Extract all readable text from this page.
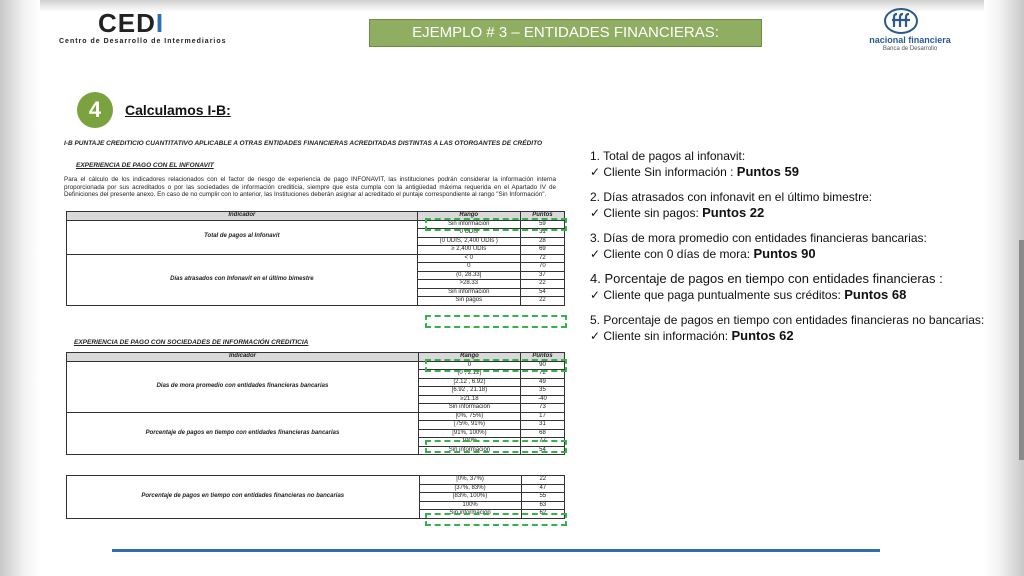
CEDI
Centro de Desarrollo de Intermediarios
EJEMPLO # 3 – ENTIDADES FINANCIERAS:	nacional financiera
Banca de Desarrollo
4	Calculamos I-B:
I-B PUNTAJE CREDITICIO CUANTITATIVO APLICABLE A OTRAS ENTIDADES FINANCIERAS ACREDITADAS DISTINTAS A LAS OTORGANTES DE CRÉDITO
EXPERIENCIA DE PAGO CON EL INFONAVIT
Para el cálculo de los indicadores relacionados con el factor de riesgo de experiencia de pago INFONAVIT, las instituciones podrán considerar la información interna proporcionada por sus acreditados o por las sociedades de información crediticia, siempre que esta cumpla con la antigüedad máxima requerida en el Apartado IV de Definiciones del presente anexo. En caso de no cumplir con lo anterior, las Instituciones deberán asignar al acreditado el puntaje correspondiente al rango "Sin Información".
Indicador	Rango	Puntos
Total de pagos al Infonavit	Sin información	59
	0 UDIs	31
	(0 UDIS, 2,400 UDIs )	28
	≥ 2,400 UDIs	69
Días atrasados con Infonavit en el último bimestre	< 0	72
	0	70
	(0, 28.33]	37
	>28.33	22
	Sin información	54
	Sin pagos	22
EXPERIENCIA DE PAGO CON SOCIEDADES DE INFORMACIÓN CREDITICIA
Indicador	Rango	Puntos
Días de mora promedio con entidades financieras bancarias	0	90
	(0 , 2.12)	72
	[2.12 , 6.92)	49
	[6.92 , 21.18)	35
	≥21.18	-40
	Sin información	73
Porcentaje de pagos en tiempo con entidades financieras bancarias	[0%, 75%)	17
	[75%, 91%)	31
	[91%, 100%)	68
	100%	77
	Sin información	54
Porcentaje de pagos en tiempo con entidades financieras no bancarias	[0%, 37%)	22
	[37%, 83%)	47
	[83%, 100%)	55
	100%	63
	Sin información	62
1. Total de pagos al infonavit:
✓ Cliente Sin información : Puntos 59
2. Días atrasados con infonavit en el último bimestre:
✓ Cliente sin pagos: Puntos 22
3. Días de mora promedio con entidades financieras bancarias:
✓ Cliente con 0 días de mora: Puntos 90
4. Porcentaje de pagos en tiempo con entidades financieras :
✓ Cliente que paga puntualmente sus créditos: Puntos 68
5. Porcentaje de pagos en tiempo con entidades financieras no bancarias:
✓ Cliente sin información: Puntos 62
